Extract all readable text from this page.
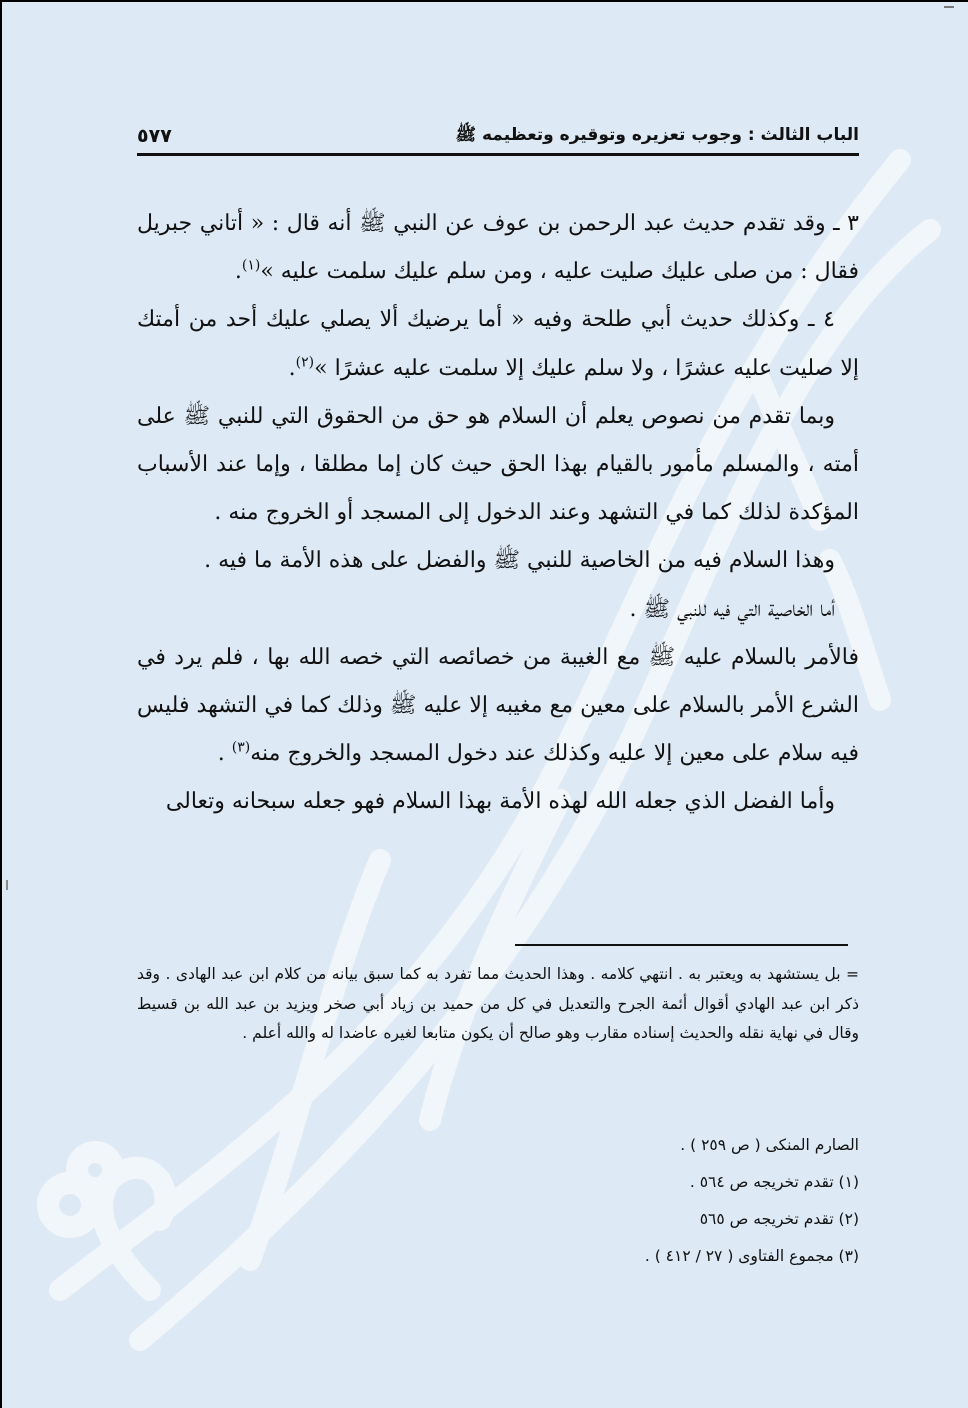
الباب الثالث : وجوب تعزيره وتوقيره وتعظيمه ﷺ
٥٧٧

٣ ـ وقد تقدم حديث عبد الرحمن بن عوف عن النبي ﷺ أنه قال : « أتاني جبريل فقال : من صلى عليك صليت عليه ، ومن سلم عليك سلمت عليه »$^{(١)}$.

٤ ـ وكذلك حديث أبي طلحة وفيه « أما يرضيك ألا يصلي عليك أحد من أمتك إلا صليت عليه عشرًا ، ولا سلم عليك إلا سلمت عليه عشرًا »$^{(٢)}$.

وبما تقدم من نصوص يعلم أن السلام هو حق من الحقوق التي للنبي ﷺ على أمته ، والمسلم مأمور بالقيام بهذا الحق حيث كان إما مطلقا ، وإما عند الأسباب المؤكدة لذلك كما في التشهد وعند الدخول إلى المسجد أو الخروج منه .

وهذا السلام فيه من الخاصية للنبي ﷺ والفضل على هذه الأمة ما فيه .

أما الخاصية التي فيه للنبي ﷺ .

فالأمر بالسلام عليه ﷺ مع الغيبة من خصائصه التي خصه الله بها ، فلم يرد في الشرع الأمر بالسلام على معين مع مغيبه إلا عليه ﷺ وذلك كما في التشهد فليس فيه سلام على معين إلا عليه وكذلك عند دخول المسجد والخروج منه$^{(٣)}$ .

وأما الفضل الذي جعله الله لهذه الأمة بهذا السلام فهو جعله سبحانه وتعالى

= بل يستشهد به ويعتبر به . انتهي كلامه . وهذا الحديث مما تفرد به كما سبق بيانه من كلام ابن عبد الهادى . وقد ذكر ابن عبد الهادي أقوال أئمة الجرح والتعديل في كل من حميد بن زياد أبي صخر ويزيد بن عبد الله بن قسيط وقال في نهاية نقله والحديث إسناده مقارب وهو صالح أن يكون متابعا لغيره عاضدا له والله أعلم .

الصارم المنكى ( ص ٢٥٩ ) .
(١) تقدم تخريجه ص ٥٦٤ .
(٢) تقدم تخريجه ص ٥٦٥
(٣) مجموع الفتاوى ( ٢٧ / ٤١٢ ) .
